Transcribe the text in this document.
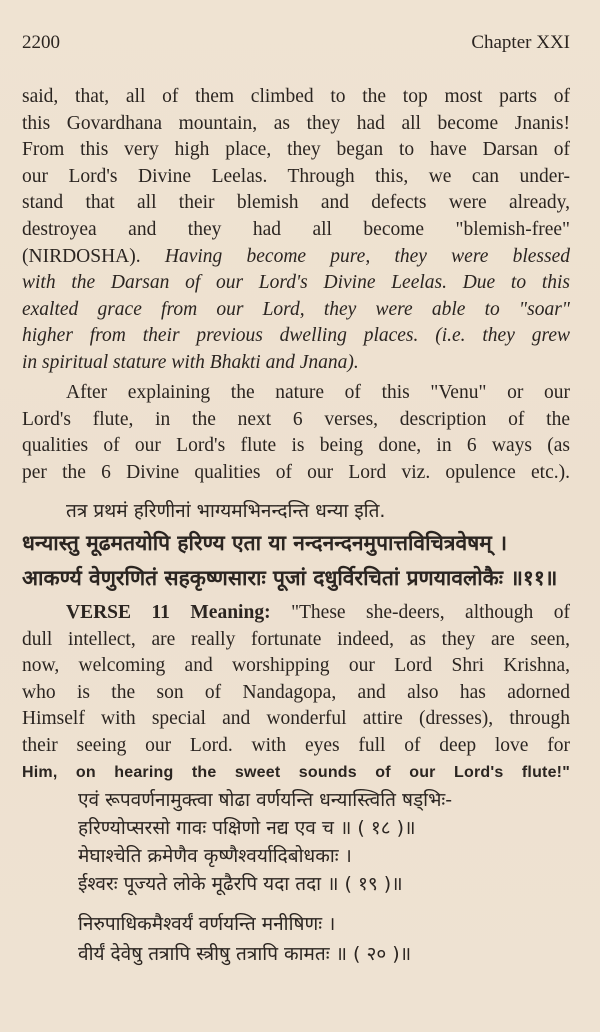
2200	Chapter XXI
said, that, all of them climbed to the top most parts of
this Govardhana mountain, as they had all become Jnanis!
From this very high place, they began to have Darsan of
our Lord's Divine Leelas. Through this, we can under-
stand that all their blemish and defects were already,
destroyea and they had all become "blemish-free"
(NIRDOSHA). Having become pure, they were blessed
with the Darsan of our Lord's Divine Leelas. Due to this
exalted grace from our Lord, they were able to "soar"
higher from their previous dwelling places. (i.e. they grew
in spiritual stature with Bhakti and Jnana).
After explaining the nature of this "Venu" or our
Lord's flute, in the next 6 verses, description of the
qualities of our Lord's flute is being done, in 6 ways (as
per the 6 Divine qualities of our Lord viz. opulence etc.).
तत्र प्रथमं हरिणीनां भाग्यमभिनन्दन्ति धन्या इति.
धन्यास्तु मूढमतयोपि हरिण्य एता या नन्दनन्दनमुपात्तविचित्रवेषम् ।
आकर्ण्य वेणुरणितं सहकृष्णसाराः पूजां दधुर्विरचितां प्रणयावलोकैः ॥११॥
VERSE 11 Meaning: "These she-deers, although of
dull intellect, are really fortunate indeed, as they are seen,
now, welcoming and worshipping our Lord Shri Krishna,
who is the son of Nandagopa, and also has adorned
Himself with special and wonderful attire (dresses), through
their seeing our Lord. with eyes full of deep love for
Him, on hearing the sweet sounds of our Lord's flute!"
एवं रूपवर्णनामुक्त्वा षोढा वर्णयन्ति धन्यास्त्विति षड्भिः-
हरिण्योप्सरसो गावः पक्षिणो नद्य एव च ॥ ( १८ )॥
मेघाश्चेति क्रमेणैव कृष्णैश्वर्यादिबोधकाः ।
ईश्वरः पूज्यते लोके मूढैरपि यदा तदा ॥ ( १९ )॥
निरुपाधिकमैश्वर्यं वर्णयन्ति मनीषिणः ।
वीर्यं देवेषु तत्रापि स्त्रीषु तत्रापि कामतः ॥ ( २० )॥
